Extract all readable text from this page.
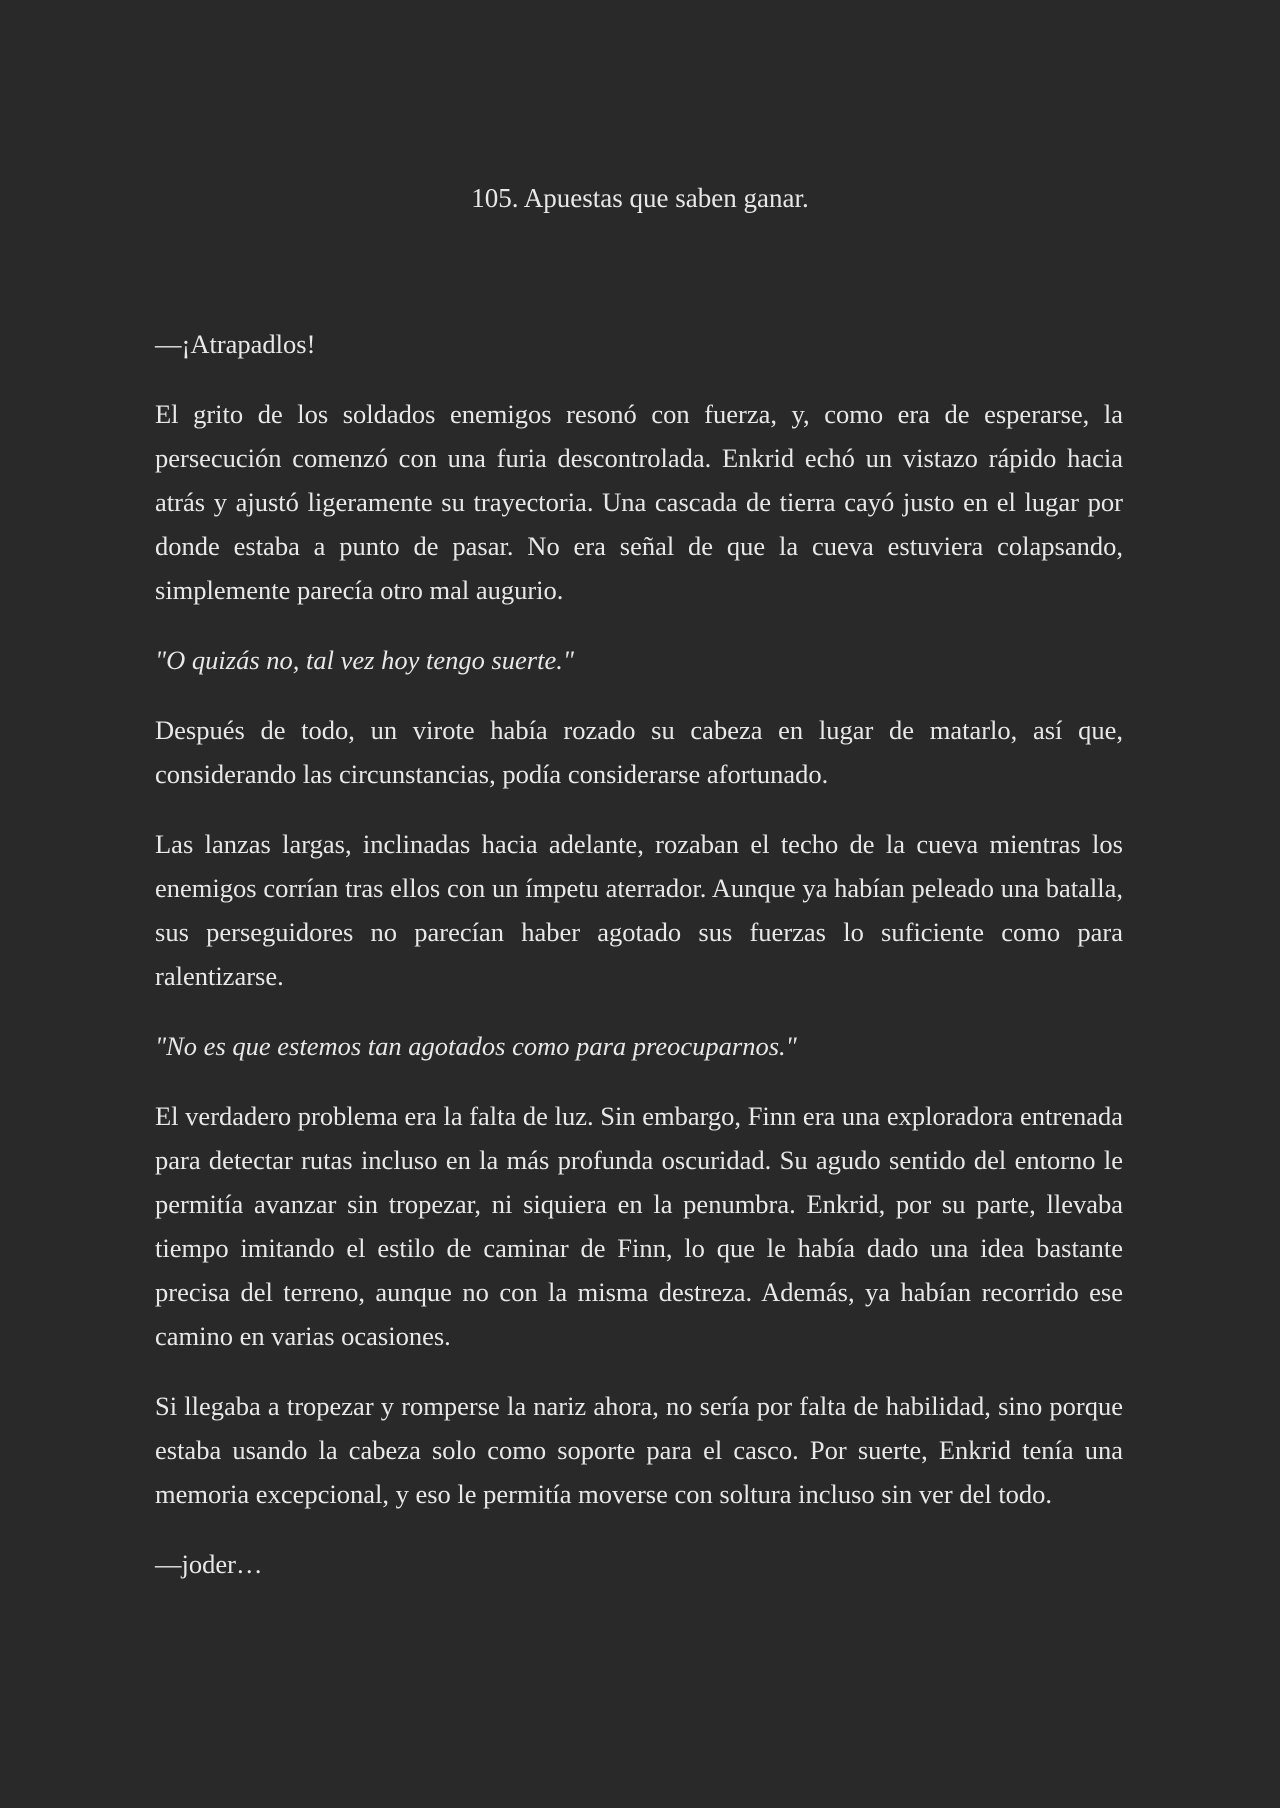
105. Apuestas que saben ganar.

—¡Atrapadlos!

El grito de los soldados enemigos resonó con fuerza, y, como era de esperarse, la persecución comenzó con una furia descontrolada. Enkrid echó un vistazo rápido hacia atrás y ajustó ligeramente su trayectoria. Una cascada de tierra cayó justo en el lugar por donde estaba a punto de pasar. No era señal de que la cueva estuviera colapsando, simplemente parecía otro mal augurio.

"O quizás no, tal vez hoy tengo suerte."

Después de todo, un virote había rozado su cabeza en lugar de matarlo, así que, considerando las circunstancias, podía considerarse afortunado.

Las lanzas largas, inclinadas hacia adelante, rozaban el techo de la cueva mientras los enemigos corrían tras ellos con un ímpetu aterrador. Aunque ya habían peleado una batalla, sus perseguidores no parecían haber agotado sus fuerzas lo suficiente como para ralentizarse.

"No es que estemos tan agotados como para preocuparnos."

El verdadero problema era la falta de luz. Sin embargo, Finn era una exploradora entrenada para detectar rutas incluso en la más profunda oscuridad. Su agudo sentido del entorno le permitía avanzar sin tropezar, ni siquiera en la penumbra. Enkrid, por su parte, llevaba tiempo imitando el estilo de caminar de Finn, lo que le había dado una idea bastante precisa del terreno, aunque no con la misma destreza. Además, ya habían recorrido ese camino en varias ocasiones.

Si llegaba a tropezar y romperse la nariz ahora, no sería por falta de habilidad, sino porque estaba usando la cabeza solo como soporte para el casco. Por suerte, Enkrid tenía una memoria excepcional, y eso le permitía moverse con soltura incluso sin ver del todo.

—joder…
